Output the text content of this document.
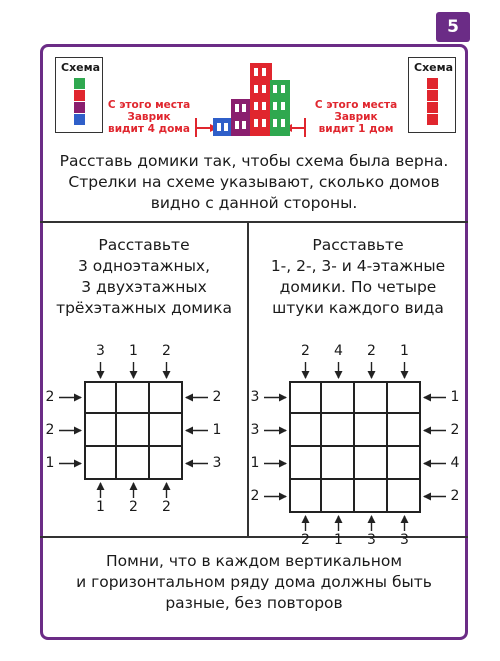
5
Схема	Схема
С этого места
Заврик
видит 4 дома
С этого места
Заврик
видит 1 дом
Расставь домики так, чтобы схема была верна.
Стрелки на схеме указывают, сколько домов
видно с данной стороны.
Расставьте
3 одноэтажных,
3 двухэтажных
трёхэтажных домика
Расставьте
1-, 2-, 3- и 4-этажные
домики. По четыре
штуки каждого вида
3
1
2	2
1
2
2	1
2
2
1	3
2
2
3	1
4
1
3	2
2
3
1	4
1
3
2	2
Помни, что в каждом вертикальном
и горизонтальном ряду дома должны быть
разные, без повторов
